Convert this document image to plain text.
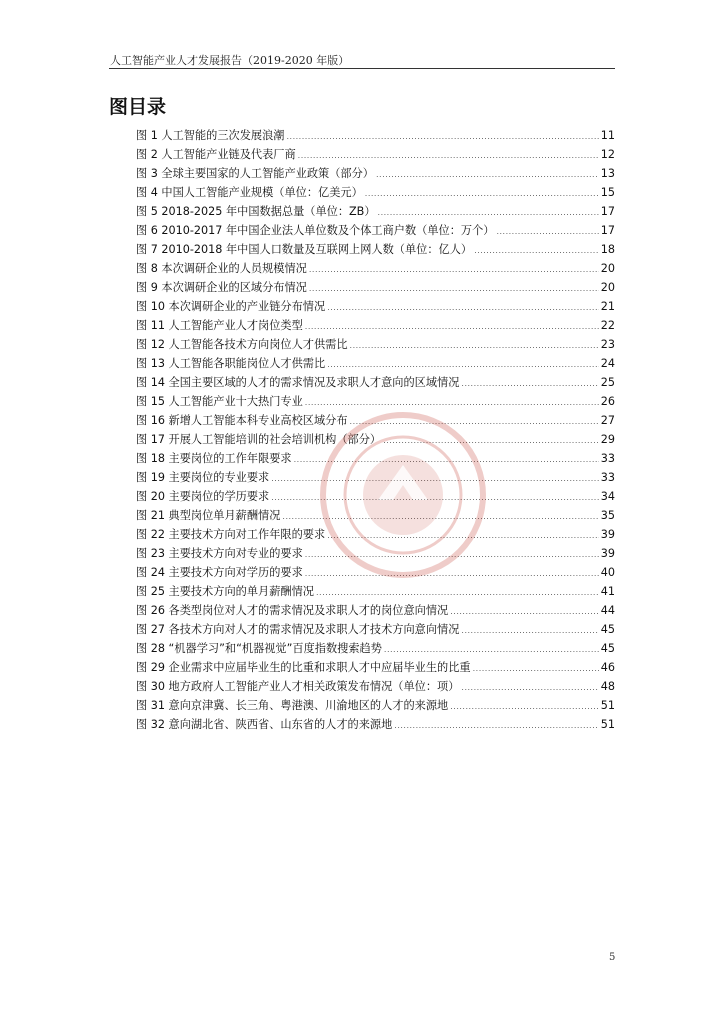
人工智能产业人才发展报告（2019-2020 年版）
图目录
图 1 人工智能的三次发展浪潮 .....	11
图 2 人工智能产业链及代表厂商 .....	12
图 3 全球主要国家的人工智能产业政策（部分） .....	13
图 4 中国人工智能产业规模（单位：亿美元） .....	15
图 5 2018-2025 年中国数据总量（单位：ZB） .....	17
图 6 2010-2017 年中国企业法人单位数及个体工商户数（单位：万个） .....	17
图 7 2010-2018 年中国人口数量及互联网上网人数（单位：亿人） .....	18
图 8 本次调研企业的人员规模情况 .....	20
图 9 本次调研企业的区域分布情况 .....	20
图 10 本次调研企业的产业链分布情况 .....	21
图 11 人工智能产业人才岗位类型 .....	22
图 12 人工智能各技术方向岗位人才供需比 .....	23
图 13 人工智能各职能岗位人才供需比 .....	24
图 14 全国主要区域的人才的需求情况及求职人才意向的区域情况 .....	25
图 15 人工智能产业十大热门专业 .....	26
图 16 新增人工智能本科专业高校区域分布 .....	27
图 17 开展人工智能培训的社会培训机构（部分） .....	29
图 18 主要岗位的工作年限要求 .....	33
图 19 主要岗位的专业要求 .....	33
图 20 主要岗位的学历要求 .....	34
图 21 典型岗位单月薪酬情况 .....	35
图 22 主要技术方向对工作年限的要求 .....	39
图 23 主要技术方向对专业的要求 .....	39
图 24 主要技术方向对学历的要求 .....	40
图 25 主要技术方向的单月薪酬情况 .....	41
图 26 各类型岗位对人才的需求情况及求职人才的岗位意向情况 .....	44
图 27 各技术方向对人才的需求情况及求职人才技术方向意向情况 .....	45
图 28 “机器学习”和“机器视觉”百度指数搜索趋势 .....	45
图 29 企业需求中应届毕业生的比重和求职人才中应届毕业生的比重 .....	46
图 30 地方政府人工智能产业人才相关政策发布情况（单位：项） .....	48
图 31 意向京津冀、长三角、粤港澳、川渝地区的人才的来源地 .....	51
图 32 意向湖北省、陕西省、山东省的人才的来源地 .....	51
5
